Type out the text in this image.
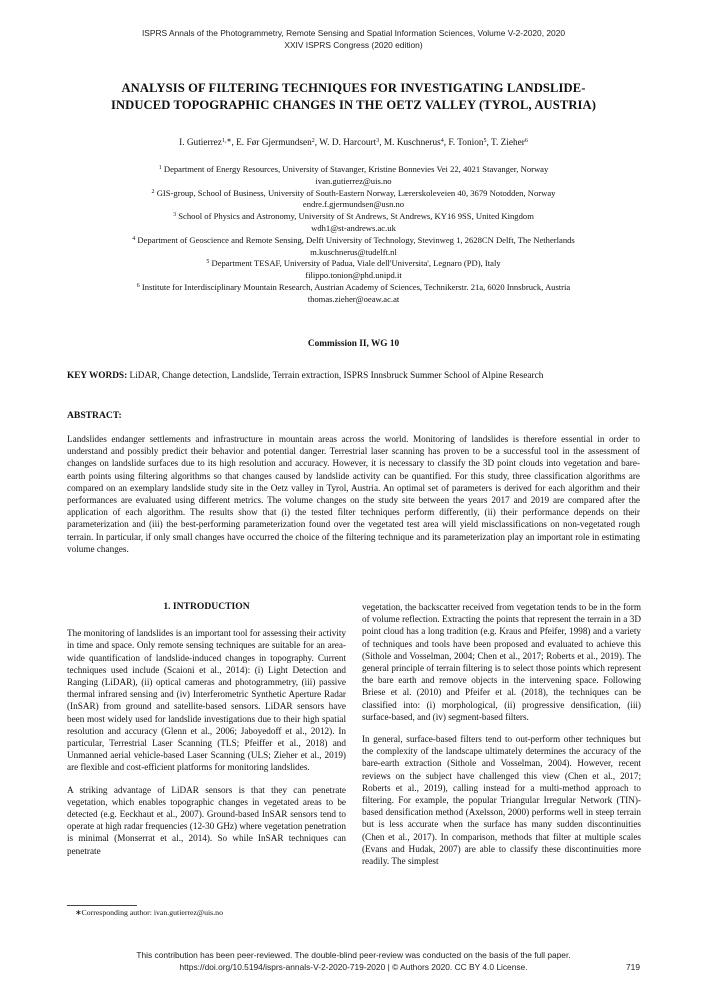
ISPRS Annals of the Photogrammetry, Remote Sensing and Spatial Information Sciences, Volume V-2-2020, 2020
XXIV ISPRS Congress (2020 edition)
ANALYSIS OF FILTERING TECHNIQUES FOR INVESTIGATING LANDSLIDE-
INDUCED TOPOGRAPHIC CHANGES IN THE OETZ VALLEY (TYROL, AUSTRIA)
I. Gutierrez$^{1,∗}$, E. Før Gjermundsen$^2$, W. D. Harcourt$^3$, M. Kuschnerus$^4$, F. Tonion$^5$, T. Zieher$^6$
$^1$ Department of Energy Resources, University of Stavanger, Kristine Bonnevies Vei 22, 4021 Stavanger, Norway
ivan.gutierrez@uis.no
$^2$ GIS-group, School of Business, University of South-Eastern Norway, Lærerskoleveien 40, 3679 Notodden, Norway
endre.f.gjermundsen@usn.no
$^3$ School of Physics and Astronomy, University of St Andrews, St Andrews, KY16 9SS, United Kingdom
wdh1@st-andrews.ac.uk
$^4$ Department of Geoscience and Remote Sensing, Delft University of Technology, Stevinweg 1, 2628CN Delft, The Netherlands
m.kuschnerus@tudelft.nl
$^5$ Department TESAF, University of Padua, Viale dell'Universita', Legnaro (PD), Italy
filippo.tonion@phd.unipd.it
$^6$ Institute for Interdisciplinary Mountain Research, Austrian Academy of Sciences, Technikerstr. 21a, 6020 Innsbruck, Austria
thomas.zieher@oeaw.ac.at
Commission II, WG 10
KEY WORDS: LiDAR, Change detection, Landslide, Terrain extraction, ISPRS Innsbruck Summer School of Alpine Research
ABSTRACT:

Landslides endanger settlements and infrastructure in mountain areas across the world. Monitoring of landslides is therefore essential in order to understand and possibly predict their behavior and potential danger. Terrestrial laser scanning has proven to be a successful tool in the assessment of changes on landslide surfaces due to its high resolution and accuracy. However, it is necessary to classify the 3D point clouds into vegetation and bare-earth points using filtering algorithms so that changes caused by landslide activity can be quantified. For this study, three classification algorithms are compared on an exemplary landslide study site in the Oetz valley in Tyrol, Austria. An optimal set of parameters is derived for each algorithm and their performances are evaluated using different metrics. The volume changes on the study site between the years 2017 and 2019 are compared after the application of each algorithm. The results show that (i) the tested filter techniques perform differently, (ii) their performance depends on their parameterization and (iii) the best-performing parameterization found over the vegetated test area will yield misclassifications on non-vegetated rough terrain. In particular, if only small changes have occurred the choice of the filtering technique and its parameterization play an important role in estimating volume changes.

1. INTRODUCTION

The monitoring of landslides is an important tool for assessing their activity in time and space. Only remote sensing techniques are suitable for an area-wide quantification of landslide-induced changes in topography. Current techniques used include (Scaioni et al., 2014): (i) Light Detection and Ranging (LiDAR), (ii) optical cameras and photogrammetry, (iii) passive thermal infrared sensing and (iv) Interferometric Synthetic Aperture Radar (InSAR) from ground and satellite-based sensors. LiDAR sensors have been most widely used for landslide investigations due to their high spatial resolution and accuracy (Glenn et al., 2006; Jaboyedoff et al., 2012). In particular, Terrestrial Laser Scanning (TLS; Pfeiffer et al., 2018) and Unmanned aerial vehicle-based Laser Scanning (ULS; Zieher et al., 2019) are flexible and cost-efficient platforms for monitoring landslides.

A striking advantage of LiDAR sensors is that they can penetrate vegetation, which enables topographic changes in vegetated areas to be detected (e.g. Eeckhaut et al., 2007). Ground-based InSAR sensors tend to operate at high radar frequencies (12-30 GHz) where vegetation penetration is minimal (Monserrat et al., 2014). So while InSAR techniques can penetrate

vegetation, the backscatter received from vegetation tends to be in the form of volume reflection. Extracting the points that represent the terrain in a 3D point cloud has a long tradition (e.g. Kraus and Pfeifer, 1998) and a variety of techniques and tools have been proposed and evaluated to achieve this (Sithole and Vosselman, 2004; Chen et al., 2017; Roberts et al., 2019). The general principle of terrain filtering is to select those points which represent the bare earth and remove objects in the intervening space. Following Briese et al. (2010) and Pfeifer et al. (2018), the techniques can be classified into: (i) morphological, (ii) progressive densification, (iii) surface-based, and (iv) segment-based filters.

In general, surface-based filters tend to out-perform other techniques but the complexity of the landscape ultimately determines the accuracy of the bare-earth extraction (Sithole and Vosselman, 2004). However, recent reviews on the subject have challenged this view (Chen et al., 2017; Roberts et al., 2019), calling instead for a multi-method approach to filtering. For example, the popular Triangular Irregular Network (TIN)-based densification method (Axelsson, 2000) performs well in steep terrain but is less accurate when the surface has many sudden discontinuities (Chen et al., 2017). In comparison, methods that filter at multiple scales (Evans and Hudak, 2007) are able to classify these discontinuities more readily. The simplest

∗Corresponding author: ivan.gutierrez@uis.no
This contribution has been peer-reviewed. The double-blind peer-review was conducted on the basis of the full paper.
https://doi.org/10.5194/isprs-annals-V-2-2020-719-2020 | © Authors 2020. CC BY 4.0 License.	719
